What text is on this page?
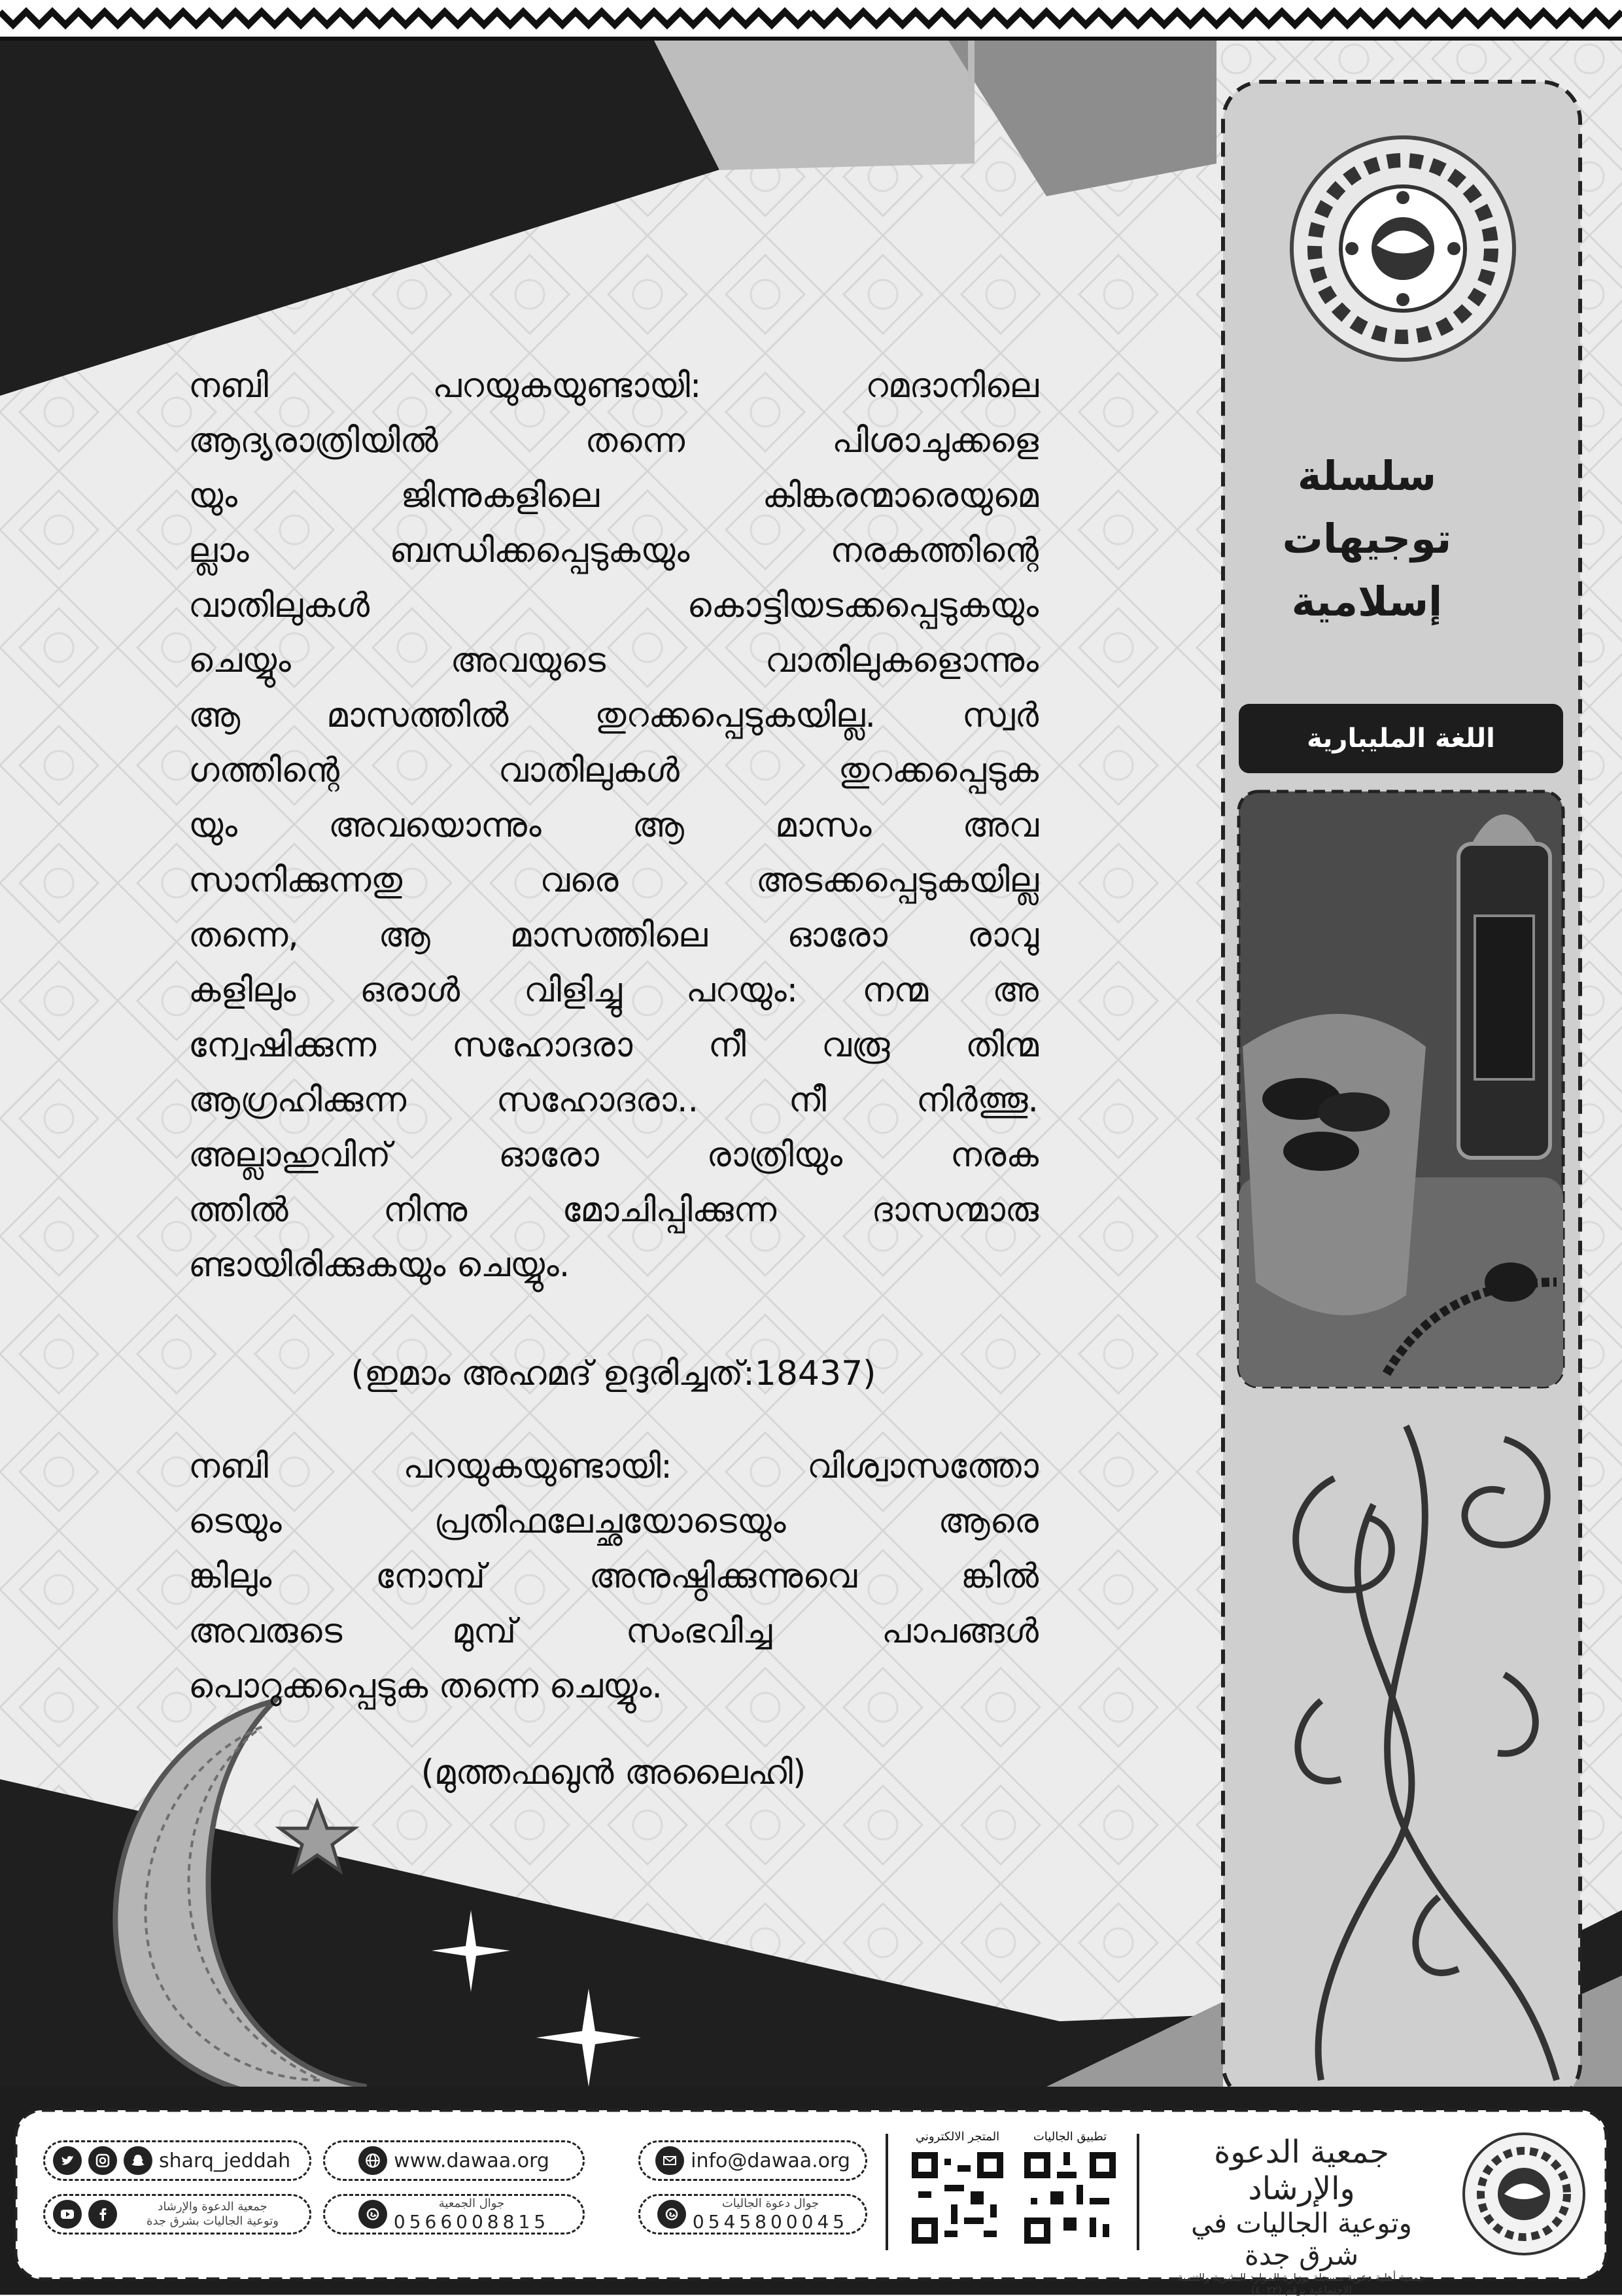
سلسلة
توجيهات
إسلامية
اللغة المليبارية
നബി പറയുകയുണ്ടായി: റമദാനിലെ
ആദ്യരാത്രിയിൽ തന്നെ പിശാചുക്കളെ
യും ജിന്നുകളിലെ കിങ്കരന്മാരെയുമെ
ല്ലാം ബന്ധിക്കപ്പെടുകയും നരകത്തിന്റെ
വാതിലുകൾ കൊട്ടിയടക്കപ്പെടുകയും
ചെയ്യും അവയുടെ വാതിലുകളൊന്നും
ആ മാസത്തിൽ തുറക്കപ്പെടുകയില്ല. സ്വർ
ഗത്തിന്റെ വാതിലുകൾ തുറക്കപ്പെടുക
യും അവയൊന്നും ആ മാസം അവ
സാനിക്കുന്നതു വരെ അടക്കപ്പെടുകയില്ല
തന്നെ, ആ മാസത്തിലെ ഓരോ രാവു
കളിലും ഒരാൾ വിളിച്ചു പറയും: നന്മ അ
ന്വേഷിക്കുന്ന സഹോദരാ നീ വരൂ തിന്മ
ആഗ്രഹിക്കുന്ന സഹോദരാ.. നീ നിർത്തൂ.
അല്ലാഹുവിന് ഓരോ രാത്രിയും നരക
ത്തിൽ നിന്നു മോചിപ്പിക്കുന്ന ദാസന്മാരു
ണ്ടായിരിക്കുകയും ചെയ്യും.
(ഇമാം അഹമദ് ഉദ്ദരിച്ചത്:18437)
നബി പറയുകയുണ്ടായി: വിശ്വാസത്തോ
ടെയും പ്രതിഫലേച്ഛയോടെയും ആരെ
ങ്കിലും നോമ്പ് അനുഷ്ഠിക്കുന്നുവെ ങ്കിൽ
അവരുടെ മുമ്പ് സംഭവിച്ച പാപങ്ങൾ
പൊറുക്കപ്പെടുക തന്നെ ചെയ്യും.
(മുത്തഫഖുൻ അലൈഹി)
sharq_jeddah
جمعية الدعوة والإرشاد
وتوعية الجاليات بشرق جدة
www.dawaa.org
جوال الجمعية
0566008815
info@dawaa.org
جوال دعوة الجاليات
0545800045
المتجر الالكتروني	تطبيق الجاليات	جمعية الدعوة والإرشاد
وتوعية الجاليات في شرق جدة
جمعية أهلية دعوية مسجلة بوزارة الموارد البشرية والتنمية الاجتماعية برقم (٤٠٢٢)
